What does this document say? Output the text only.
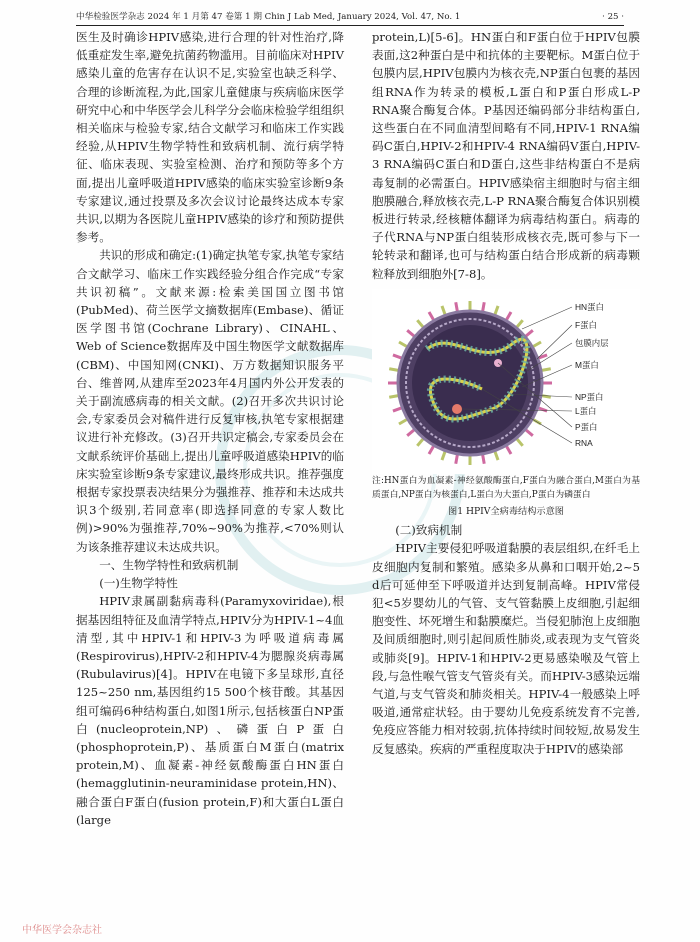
中华检验医学杂志 2024 年 1 月第 47 卷第 1 期 Chin J Lab Med, January 2024, Vol. 47, No. 1	· 25 ·

医生及时确诊HPIV感染,进行合理的针对性治疗,降低重症发生率,避免抗菌药物滥用。目前临床对HPIV感染儿童的危害存在认识不足,实验室也缺乏科学、合理的诊断流程,为此,国家儿童健康与疾病临床医学研究中心和中华医学会儿科学分会临床检验学组组织相关临床与检验专家,结合文献学习和临床工作实践经验,从HPIV生物学特性和致病机制、流行病学特征、临床表现、实验室检测、治疗和预防等多个方面,提出儿童呼吸道HPIV感染的临床实验室诊断9条专家建议,通过投票及多次会议讨论最终达成本专家共识,以期为各医院儿童HPIV感染的诊疗和预防提供参考。

共识的形成和确定:(1)确定执笔专家,执笔专家结合文献学习、临床工作实践经验分组合作完成“专家共识初稿”。文献来源:检索美国国立图书馆(PubMed)、荷兰医学文摘数据库(Embase)、循证医学图书馆(Cochrane Library)、CINAHL、Web of Science数据库及中国生物医学文献数据库(CBM)、中国知网(CNKI)、万方数据知识服务平台、维普网,从建库至2023年4月国内外公开发表的关于副流感病毒的相关文献。(2)召开多次共识讨论会,专家委员会对稿件进行反复审核,执笔专家根据建议进行补充修改。(3)召开共识定稿会,专家委员会在文献系统评价基础上,提出儿童呼吸道感染HPIV的临床实验室诊断9条专家建议,最终形成共识。推荐强度根据专家投票表决结果分为强推荐、推荐和未达成共识3个级别,若同意率(即选择同意的专家人数比例)>90%为强推荐,70%~90%为推荐,<70%则认为该条推荐建议未达成共识。

一、生物学特性和致病机制

(一)生物学特性

HPIV隶属副黏病毒科(Paramyxoviridae),根据基因组特征及血清学特点,HPIV分为HPIV-1~4血清型,其中HPIV-1和HPIV-3为呼吸道病毒属(Respirovirus),HPIV-2和HPIV-4为腮腺炎病毒属(Rubulavirus)[4]。HPIV在电镜下多呈球形,直径125~250 nm,基因组约15 500个核苷酸。其基因组可编码6种结构蛋白,如图1所示,包括核蛋白NP蛋白(nucleoprotein,NP)、磷蛋白P蛋白(phosphoprotein,P)、基质蛋白M蛋白(matrix protein,M)、血凝素-神经氨酸酶蛋白HN蛋白(hemagglutinin-neuraminidase protein,HN)、融合蛋白F蛋白(fusion protein,F)和大蛋白L蛋白(large

protein,L)[5-6]。HN蛋白和F蛋白位于HPIV包膜表面,这2种蛋白是中和抗体的主要靶标。M蛋白位于包膜内层,HPIV包膜内为核衣壳,NP蛋白包裹的基因组RNA作为转录的模板,L蛋白和P蛋白形成L-P RNA聚合酶复合体。P基因还编码部分非结构蛋白,这些蛋白在不同血清型间略有不同,HPIV-1 RNA编码C蛋白,HPIV-2和HPIV-4 RNA编码V蛋白,HPIV-3 RNA编码C蛋白和D蛋白,这些非结构蛋白不是病毒复制的必需蛋白。HPIV感染宿主细胞时与宿主细胞膜融合,释放核衣壳,L-P RNA聚合酶复合体识别模板进行转录,经核糖体翻译为病毒结构蛋白。病毒的子代RNA与NP蛋白组装形成核衣壳,既可参与下一轮转录和翻译,也可与结构蛋白结合形成新的病毒颗粒释放到细胞外[7-8]。

HN蛋白
F蛋白
包膜内层
M蛋白
NP蛋白
L蛋白
P蛋白
RNA

注:HN蛋白为血凝素-神经氨酸酶蛋白,F蛋白为融合蛋白,M蛋白为基质蛋白,NP蛋白为核蛋白,L蛋白为大蛋白,P蛋白为磷蛋白

图1 HPIV全病毒结构示意图

(二)致病机制

HPIV主要侵犯呼吸道黏膜的表层组织,在纤毛上皮细胞内复制和繁殖。感染多从鼻和口咽开始,2~5 d后可延伸至下呼吸道并达到复制高峰。HPIV常侵犯<5岁婴幼儿的气管、支气管黏膜上皮细胞,引起细胞变性、坏死增生和黏膜糜烂。当侵犯肺泡上皮细胞及间质细胞时,则引起间质性肺炎,或表现为支气管炎或肺炎[9]。HPIV-1和HPIV-2更易感染喉及气管上段,与急性喉气管支气管炎有关。而HPIV-3感染远端气道,与支气管炎和肺炎相关。HPIV-4一般感染上呼吸道,通常症状轻。由于婴幼儿免疫系统发育不完善,免疫应答能力相对较弱,抗体持续时间较短,故易发生反复感染。疾病的严重程度取决于HPIV的感染部

中华医学会杂志社
